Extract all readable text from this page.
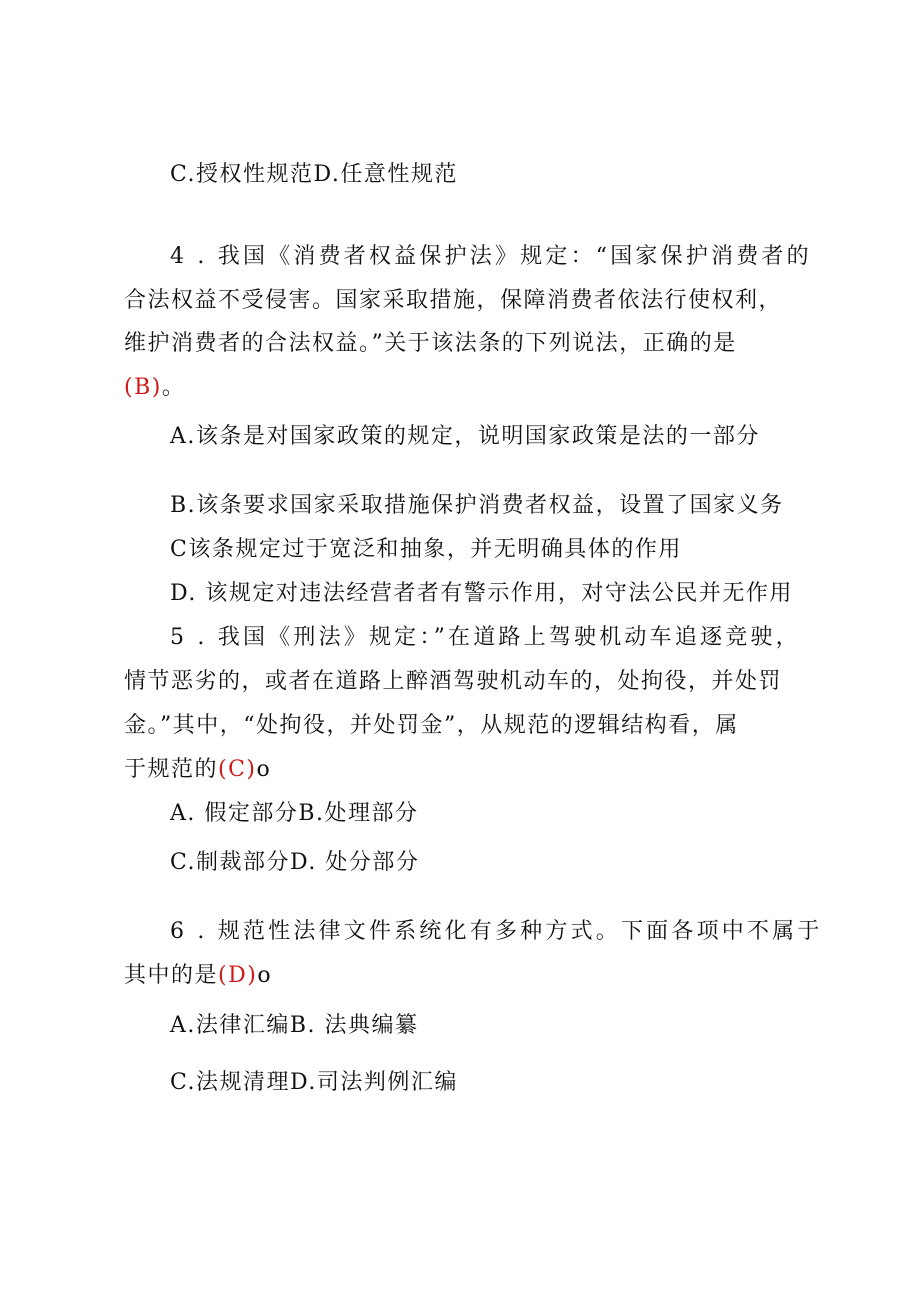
C.授权性规范D.任意性规范
4 . 我国《消费者权益保护法》规定：“国家保护消费者的
合法权益不受侵害。国家采取措施，保障消费者依法行使权利，
维护消费者的合法权益。”关于该法条的下列说法，正确的是
(B)。
A.该条是对国家政策的规定，说明国家政策是法的一部分
B.该条要求国家采取措施保护消费者权益，设置了国家义务
C该条规定过于宽泛和抽象，并无明确具体的作用
D. 该规定对违法经营者者有警示作用，对守法公民并无作用
5 . 我国《刑法》规定：”在道路上驾驶机动车追逐竞驶，
情节恶劣的，或者在道路上醉酒驾驶机动车的，处拘役，并处罚
金。”其中，“处拘役，并处罚金”，从规范的逻辑结构看，属
于规范的(C)o
A. 假定部分B.处理部分
C.制裁部分D. 处分部分
6 . 规范性法律文件系统化有多种方式。下面各项中不属于
其中的是(D)o
A.法律汇编B. 法典编纂
C.法规清理D.司法判例汇编
